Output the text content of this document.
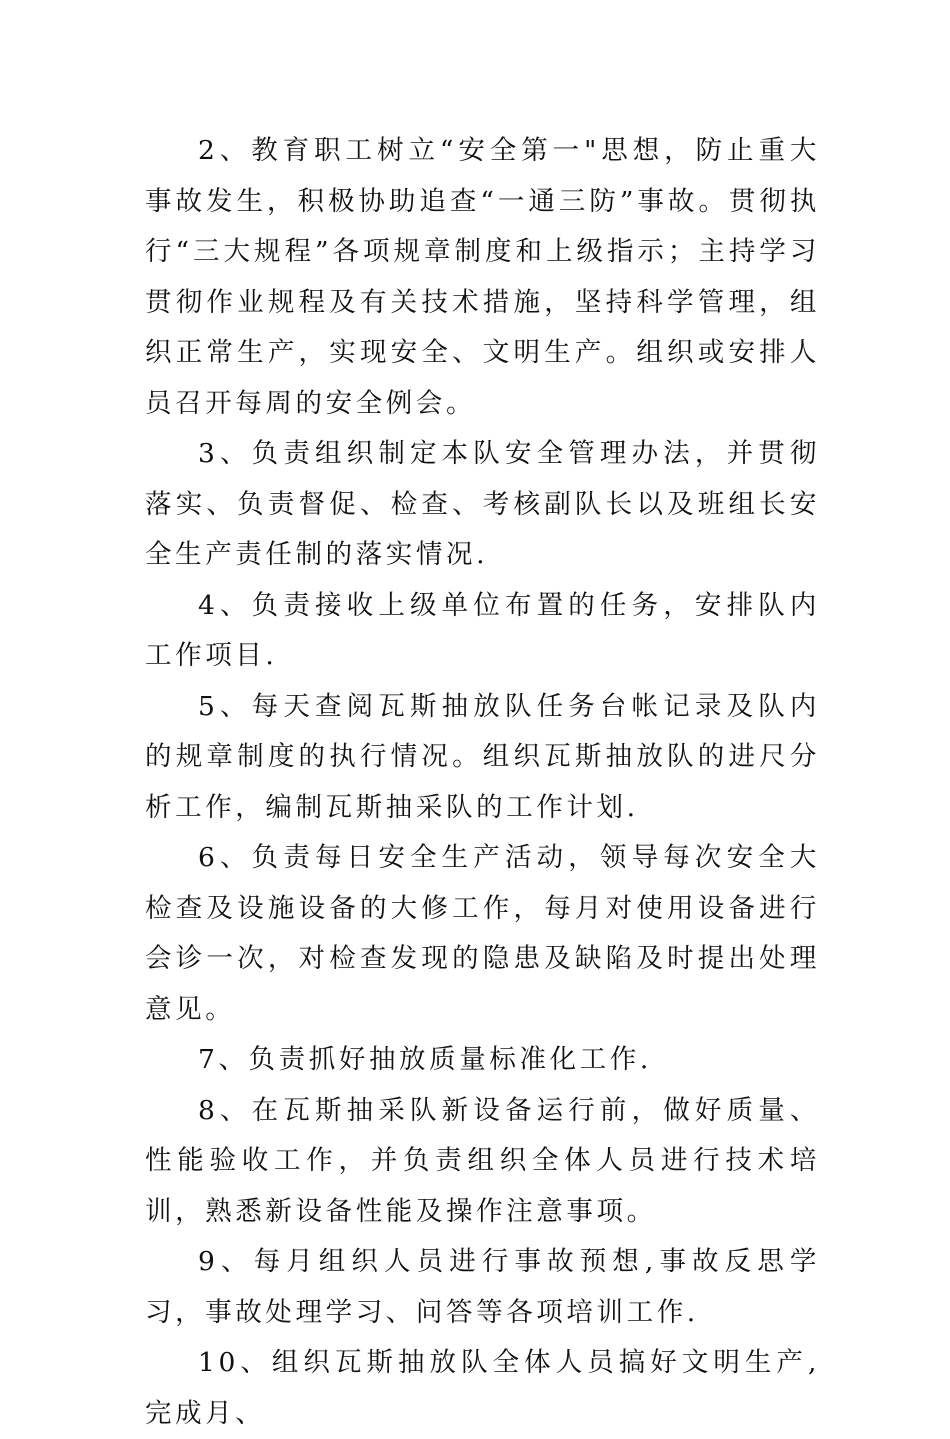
2、教育职工树立“安全第一"思想，防止重大事故发生，积极协助追查“一通三防”事故。贯彻执行“三大规程”各项规章制度和上级指示；主持学习贯彻作业规程及有关技术措施，坚持科学管理，组织正常生产，实现安全、文明生产。组织或安排人员召开每周的安全例会。

3、负责组织制定本队安全管理办法，并贯彻落实、负责督促、检查、考核副队长以及班组长安全生产责任制的落实情况.

4、负责接收上级单位布置的任务，安排队内工作项目.

5、每天查阅瓦斯抽放队任务台帐记录及队内的规章制度的执行情况。组织瓦斯抽放队的进尺分析工作，编制瓦斯抽采队的工作计划.

6、负责每日安全生产活动，领导每次安全大检查及设施设备的大修工作，每月对使用设备进行会诊一次，对检查发现的隐患及缺陷及时提出处理意见。

7、负责抓好抽放质量标准化工作.

8、在瓦斯抽采队新设备运行前，做好质量、性能验收工作，并负责组织全体人员进行技术培训，熟悉新设备性能及操作注意事项。

9、每月组织人员进行事故预想,事故反思学习，事故处理学习、问答等各项培训工作.

10、组织瓦斯抽放队全体人员搞好文明生产,完成月、
